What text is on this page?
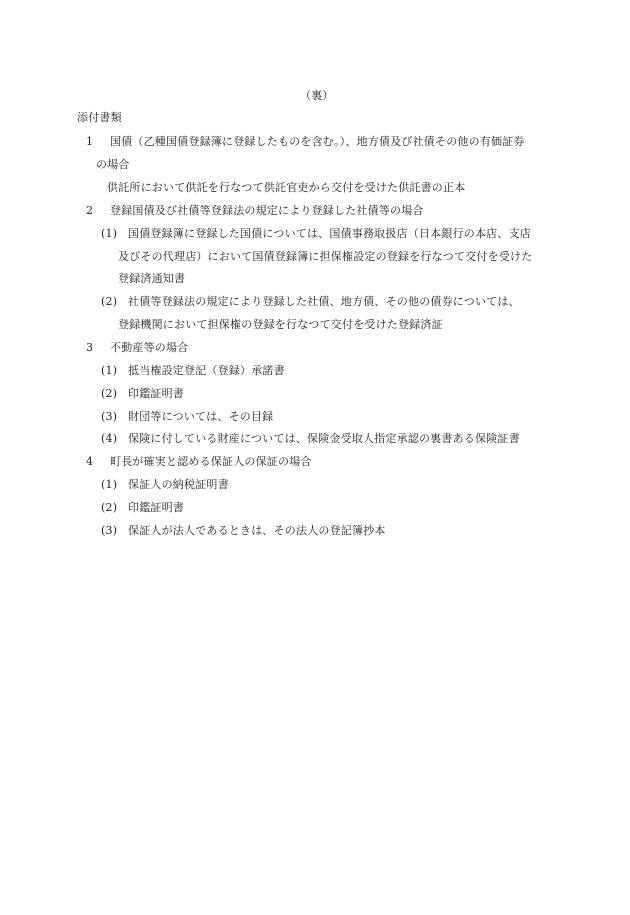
（裏）
添付書類
1 国債（乙種国債登録簿に登録したものを含む。）、地方債及び社債その他の有価証券
の場合
供託所において供託を行なつて供託官吏から交付を受けた供託書の正本
2 登録国債及び社債等登録法の規定により登録した社債等の場合
(1) 国債登録簿に登録した国債については、国債事務取扱店（日本銀行の本店、支店
及びその代理店）において国債登録簿に担保権設定の登録を行なつて交付を受けた
登録済通知書
(2) 社債等登録法の規定により登録した社債、地方債、その他の債券については、
登録機関において担保権の登録を行なつて交付を受けた登録済証
3 不動産等の場合
(1) 抵当権設定登記（登録）承諾書
(2) 印鑑証明書
(3) 財団等については、その目録
(4) 保険に付している財産については、保険金受取人指定承認の裏書ある保険証書
4 町長が確実と認める保証人の保証の場合
(1) 保証人の納税証明書
(2) 印鑑証明書
(3) 保証人が法人であるときは、その法人の登記簿抄本
